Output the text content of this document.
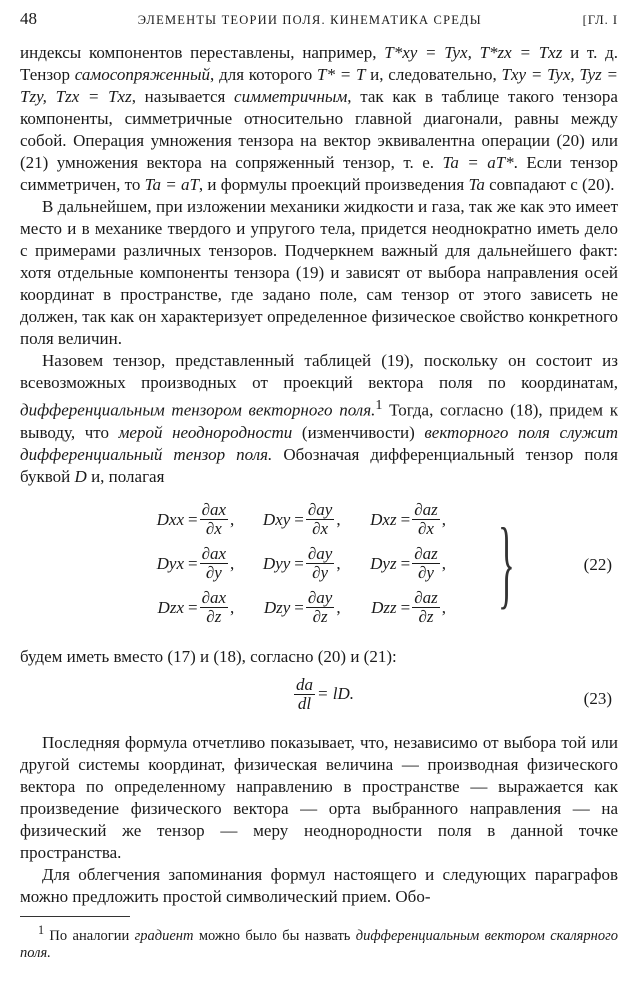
48	ЭЛЕМЕНТЫ ТЕОРИИ ПОЛЯ. КИНЕМАТИКА СРЕДЫ	[ГЛ. I

индексы компонентов переставлены, например, T*xy = Tyx, T*zx = Txz и т. д. Тензор самосопряженный, для которого T* = T и, следовательно, Txy = Tyx, Tyz = Tzy, Tzx = Txz, называется симметричным, так как в таблице такого тензора компоненты, симметричные относительно главной диагонали, равны между собой. Операция умножения тензора на вектор эквивалентна операции (20) или (21) умножения вектора на сопряженный тензор, т. е. Ta = aT*. Если тензор симметричен, то Ta = aT, и формулы проекций произведения Ta совпадают с (20).

В дальнейшем, при изложении механики жидкости и газа, так же как это имеет место и в механике твердого и упругого тела, придется неоднократно иметь дело с примерами различных тензоров. Подчеркнем важный для дальнейшего факт: хотя отдельные компоненты тензора (19) и зависят от выбора направления осей координат в пространстве, где задано поле, сам тензор от этого зависеть не должен, так как он характеризует определенное физическое свойство конкретного поля величин.

Назовем тензор, представленный таблицей (19), поскольку он состоит из всевозможных производных от проекций вектора поля по координатам, дифференциальным тензором векторного поля.$^1$ Тогда, согласно (18), придем к выводу, что мерой неоднородности (изменчивости) векторного поля служит дифференциальный тензор поля. Обозначая дифференциальный тензор поля буквой D и, полагая

Dxx = $\frac{\partial ax}{\partial x}$ ,	Dxy = $\frac{\partial ay}{\partial x}$ ,	Dxz = $\frac{\partial az}{\partial x}$ ,
Dyx = $\frac{\partial ax}{\partial y}$ ,	Dyy = $\frac{\partial ay}{\partial y}$ ,	Dyz = $\frac{\partial az}{\partial y}$ ,
Dzx = $\frac{\partial ax}{\partial z}$ ,	Dzy = $\frac{\partial ay}{\partial z}$ ,	Dzz = $\frac{\partial az}{\partial z}$ , }	(22)

будем иметь вместо (17) и (18), согласно (20) и (21):

$\frac{da}{dl}$ = lD.	(23)

Последняя формула отчетливо показывает, что, независимо от выбора той или другой системы координат, физическая величина — производная физического вектора по определенному направлению в пространстве — выражается как произведение физического вектора — орта выбранного направления — на физический же тензор — меру неоднородности поля в данной точке пространства.

Для облегчения запоминания формул настоящего и следующих параграфов можно предложить простой символический прием. Обо-

$^1$ По аналогии градиент можно было бы назвать дифференциальным вектором скалярного поля.
